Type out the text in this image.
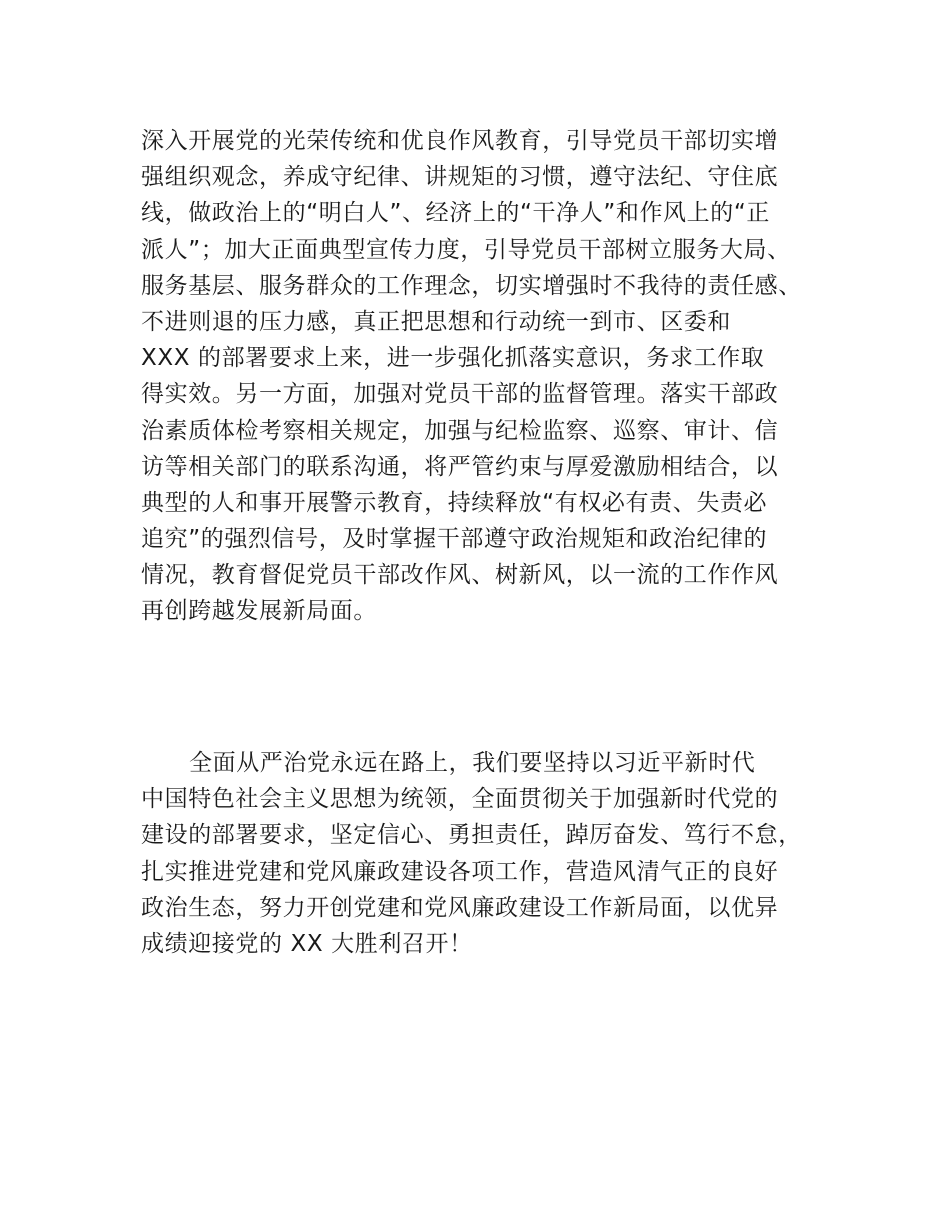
深入开展党的光荣传统和优良作风教育，引导党员干部切实增
强组织观念，养成守纪律、讲规矩的习惯，遵守法纪、守住底
线，做政治上的“明白人”、经济上的“干净人”和作风上的“正
派人”；加大正面典型宣传力度，引导党员干部树立服务大局、
服务基层、服务群众的工作理念，切实增强时不我待的责任感、
不进则退的压力感，真正把思想和行动统一到市、区委和
XXX 的部署要求上来，进一步强化抓落实意识，务求工作取
得实效。另一方面，加强对党员干部的监督管理。落实干部政
治素质体检考察相关规定，加强与纪检监察、巡察、审计、信
访等相关部门的联系沟通，将严管约束与厚爱激励相结合，以
典型的人和事开展警示教育，持续释放“有权必有责、失责必
追究”的强烈信号，及时掌握干部遵守政治规矩和政治纪律的
情况，教育督促党员干部改作风、树新风，以一流的工作作风
再创跨越发展新局面。
全面从严治党永远在路上，我们要坚持以习近平新时代
中国特色社会主义思想为统领，全面贯彻关于加强新时代党的
建设的部署要求，坚定信心、勇担责任，踔厉奋发、笃行不怠，
扎实推进党建和党风廉政建设各项工作，营造风清气正的良好
政治生态，努力开创党建和党风廉政建设工作新局面，以优异
成绩迎接党的 XX 大胜利召开！
